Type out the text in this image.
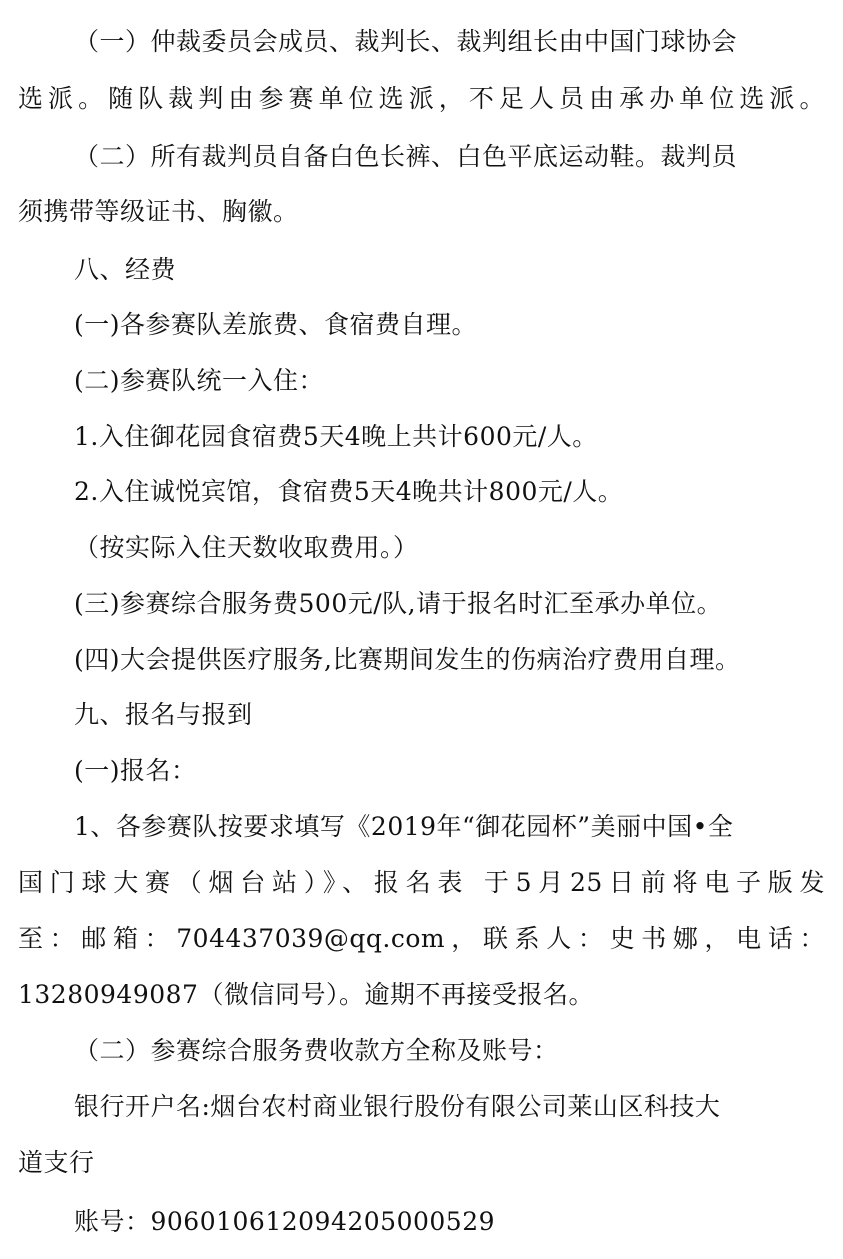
（一）仲裁委员会成员、裁判长、裁判组长由中国门球协会
选派。随队裁判由参赛单位选派，不足人员由承办单位选派。
（二）所有裁判员自备白色长裤、白色平底运动鞋。裁判员
须携带等级证书、胸徽。
八、经费
(一)各参赛队差旅费、食宿费自理。
(二)参赛队统一入住：
1.入住御花园食宿费5天4晚上共计600元/人。
2.入住诚悦宾馆，食宿费5天4晚共计800元/人。
（按实际入住天数收取费用。）
(三)参赛综合服务费500元/队,请于报名时汇至承办单位。
(四)大会提供医疗服务,比赛期间发生的伤病治疗费用自理。
九、报名与报到
(一)报名：
1、各参赛队按要求填写《2019年“御花园杯”美丽中国•全
国门球大赛（烟台站）》、报名表 于5月25日前将电子版发
至：邮箱：704437039@qq.com，联系人：史书娜，电话：
13280949087（微信同号）。逾期不再接受报名。
（二）参赛综合服务费收款方全称及账号：
银行开户名:烟台农村商业银行股份有限公司莱山区科技大
道支行
账号：906010612094205000529
